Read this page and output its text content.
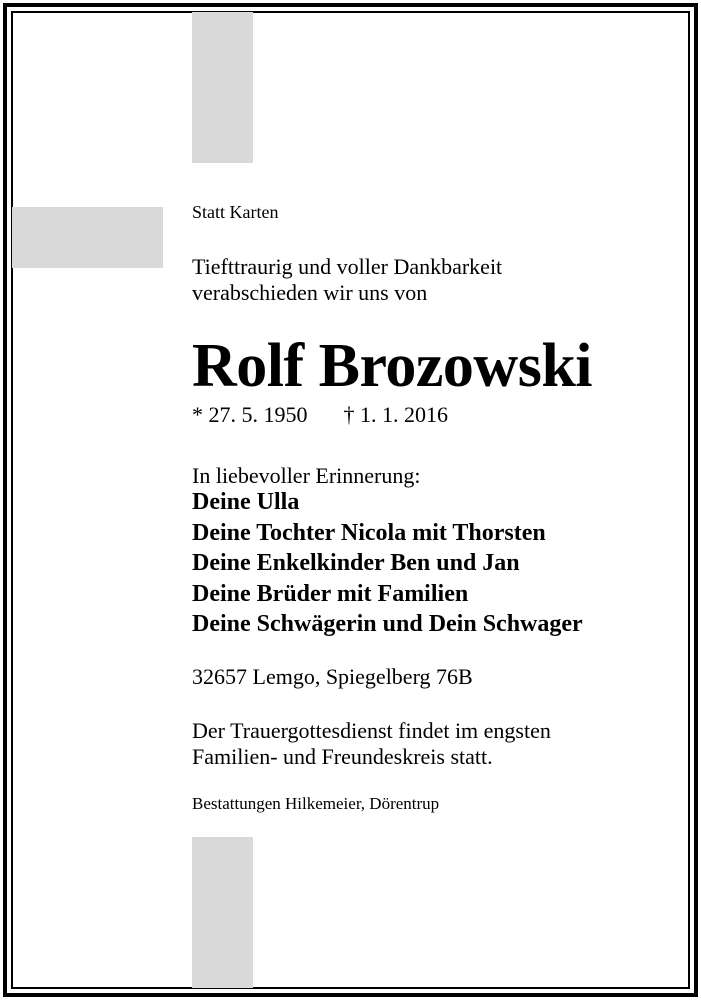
Statt Karten
Tiefttraurig und voller Dankbarkeit
verabschieden wir uns von
Rolf Brozowski
* 27. 5. 1950 † 1. 1. 2016
In liebevoller Erinnerung:
Deine Ulla
Deine Tochter Nicola mit Thorsten
Deine Enkelkinder Ben und Jan
Deine Brüder mit Familien
Deine Schwägerin und Dein Schwager
32657 Lemgo, Spiegelberg 76B
Der Trauergottesdienst findet im engsten
Familien- und Freundeskreis statt.
Bestattungen Hilkemeier, Dörentrup
